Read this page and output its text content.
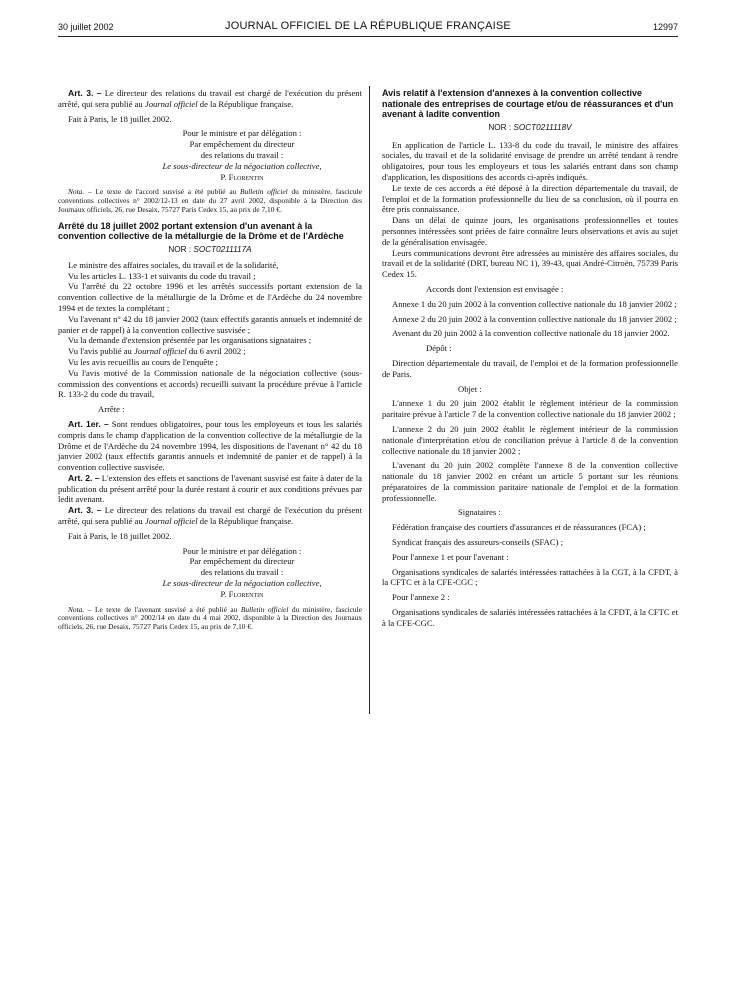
30 juillet 2002	JOURNAL OFFICIEL DE LA RÉPUBLIQUE FRANÇAISE	12997

Art. 3. – Le directeur des relations du travail est chargé de l'exécution du présent arrêté, qui sera publié au Journal officiel de la République française.

Fait à Paris, le 18 juillet 2002.

Pour le ministre et par délégation :

Par empêchement du directeur

des relations du travail :

Le sous-directeur de la négociation collective,

P. Florentin

Nota. – Le texte de l'accord susvisé a été publié au Bulletin officiel du ministère, fascicule conventions collectives n° 2002/12-13 en date du 27 avril 2002, disponible à la Direction des Journaux officiels, 26, rue Desaix, 75727 Paris Cedex 15, au prix de 7,10 €.

Arrêté du 18 juillet 2002 portant extension d'un avenant à la convention collective de la métallurgie de la Drôme et de l'Ardèche

NOR : SOCT0211117A

Le ministre des affaires sociales, du travail et de la solidarité,

Vu les articles L. 133-1 et suivants du code du travail ;

Vu l'arrêté du 22 octobre 1996 et les arrêtés successifs portant extension de la convention collective de la métallurgie de la Drôme et de l'Ardèche du 24 novembre 1994 et de textes la complétant ;

Vu l'avenant n° 42 du 18 janvier 2002 (taux effectifs garantis annuels et indemnité de panier et de rappel) à la convention collective susvisée ;

Vu la demande d'extension présentée par les organisations signataires ;

Vu l'avis publié au Journal officiel du 6 avril 2002 ;

Vu les avis recueillis au cours de l'enquête ;

Vu l'avis motivé de la Commission nationale de la négociation collective (sous-commission des conventions et accords) recueilli suivant la procédure prévue à l'article R. 133-2 du code du travail,

Arrête :

Art. 1er. – Sont rendues obligatoires, pour tous les employeurs et tous les salariés compris dans le champ d'application de la convention collective de la métallurgie de la Drôme et de l'Ardèche du 24 novembre 1994, les dispositions de l'avenant n° 42 du 18 janvier 2002 (taux effectifs garantis annuels et indemnité de panier et de rappel) à la convention collective susvisée.

Art. 2. – L'extension des effets et sanctions de l'avenant susvisé est faite à dater de la publication du présent arrêté pour la durée restant à courir et aux conditions prévues par ledit avenant.

Art. 3. – Le directeur des relations du travail est chargé de l'exécution du présent arrêté, qui sera publié au Journal officiel de la République française.

Fait à Paris, le 18 juillet 2002.

Pour le ministre et par délégation :

Par empêchement du directeur

des relations du travail :

Le sous-directeur de la négociation collective,

P. Florentin

Nota. – Le texte de l'avenant susvisé a été publié au Bulletin officiel du ministère, fascicule conventions collectives n° 2002/14 en date du 4 mai 2002, disponible à la Direction des Journaux officiels, 26, rue Desaix, 75727 Paris Cedex 15, au prix de 7,10 €.

Avis relatif à l'extension d'annexes à la convention collective nationale des entreprises de courtage et/ou de réassurances et d'un avenant à ladite convention

NOR : SOCT0211118V

En application de l'article L. 133-8 du code du travail, le ministre des affaires sociales, du travail et de la solidarité envisage de prendre un arrêté tendant à rendre obligatoires, pour tous les employeurs et tous les salariés entrant dans son champ d'application, les dispositions des accords ci-après indiqués.

Le texte de ces accords a été déposé à la direction départementale du travail, de l'emploi et de la formation professionnelle du lieu de sa conclusion, où il pourra en être pris connaissance.

Dans un délai de quinze jours, les organisations professionnelles et toutes personnes intéressées sont priées de faire connaître leurs observations et avis au sujet de la généralisation envisagée.

Leurs communications devront être adressées au ministère des affaires sociales, du travail et de la solidarité (DRT, bureau NC 1), 39-43, quai André-Citroën, 75739 Paris Cedex 15.

Accords dont l'extension est envisagée :

Annexe 1 du 20 juin 2002 à la convention collective nationale du 18 janvier 2002 ;

Annexe 2 du 20 juin 2002 à la convention collective nationale du 18 janvier 2002 ;

Avenant du 20 juin 2002 à la convention collective nationale du 18 janvier 2002.

Dépôt :

Direction départementale du travail, de l'emploi et de la formation professionnelle de Paris.

Objet :

L'annexe 1 du 20 juin 2002 établit le règlement intérieur de la commission paritaire prévue à l'article 7 de la convention collective nationale du 18 janvier 2002 ;

L'annexe 2 du 20 juin 2002 établit le règlement intérieur de la commission nationale d'interprétation et/ou de conciliation prévue à l'article 8 de la convention collective nationale du 18 janvier 2002 ;

L'avenant du 20 juin 2002 complète l'annexe 8 de la convention collective nationale du 18 janvier 2002 en créant un article 5 portant sur les réunions préparatoires de la commission paritaire nationale de l'emploi et de la formation professionnelle.

Signataires :

Fédération française des courtiers d'assurances et de réassurances (FCA) ;

Syndicat français des assureurs-conseils (SFAC) ;

Pour l'annexe 1 et pour l'avenant :

Organisations syndicales de salariés intéressées rattachées à la CGT, à la CFDT, à la CFTC et à la CFE-CGC ;

Pour l'annexe 2 :

Organisations syndicales de salariés intéressées rattachées à la CFDT, à la CFTC et à la CFE-CGC.
